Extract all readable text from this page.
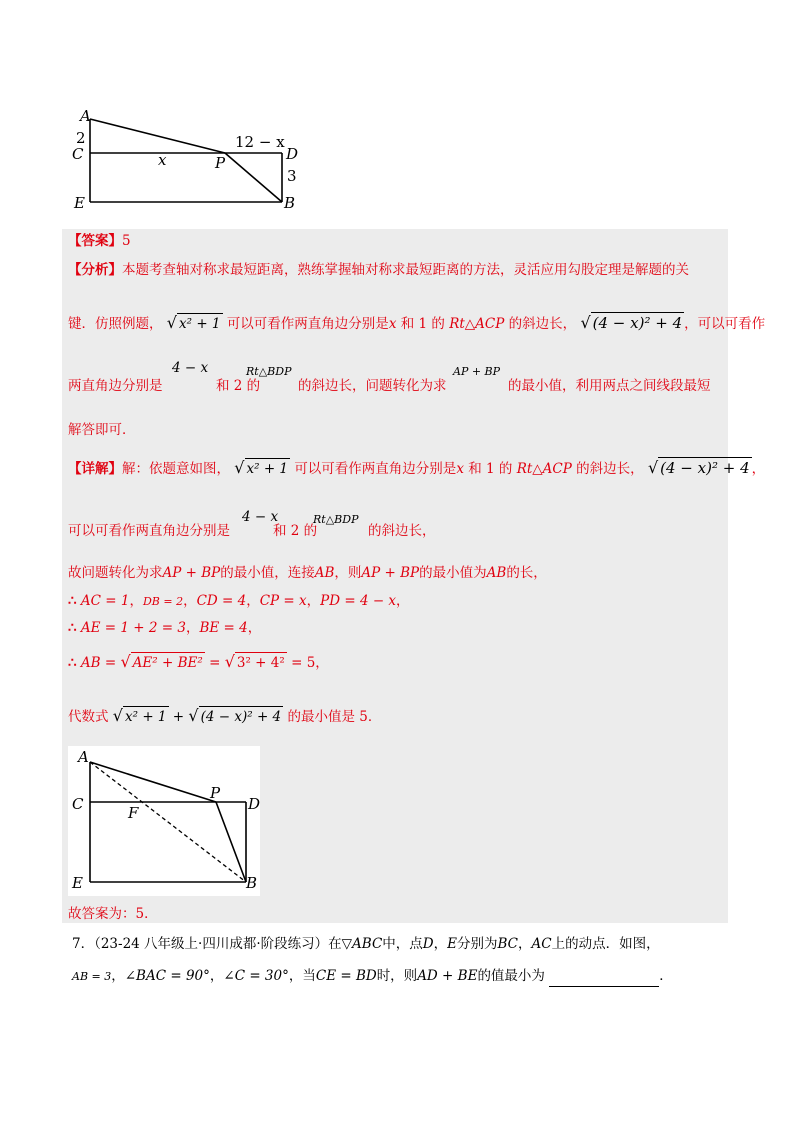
A
2
C	x	P
12 − x
D
3
E	B
【答案】5
【分析】本题考查轴对称求最短距离，熟练掌握轴对称求最短距离的方法，灵活应用勾股定理是解题的关
键．仿照例题， √ x² + 1 可以可看作两直角边分别是x 和 1 的 Rt△ACP 的斜边长， √ (4 − x)² + 4 ，可以可看作
两直角边分别是
4 − x
和 2 的
Rt△BDP
的斜边长，问题转化为求
AP + BP
的最小值，利用两点之间线段最短
解答即可．
【详解】解：依题意如图， √ x² + 1 可以可看作两直角边分别是x 和 1 的 Rt△ACP 的斜边长， √ (4 − x)² + 4 ，
可以可看作两直角边分别是
4 − x
和 2 的
Rt△BDP
的斜边长，
故问题转化为求AP + BP的最小值，连接AB，则AP + BP的最小值为AB的长，
∴ AC = 1，DB = 2，CD = 4，CP = x，PD = 4 − x，
∴ AE = 1 + 2 = 3，BE = 4，
∴ AB = √ AE² + BE² = √ 3² + 4² = 5，
代数式 √ x² + 1 + √ (4 − x)² + 4 的最小值是 5．
A
C	F
P
D
E	B
故答案为：5．
7．（23-24 八年级上·四川成都·阶段练习）在▽ABC中，点D，E分别为BC，AC上的动点．如图，
AB = 3，∠BAC = 90°，∠C = 30°，当CE = BD时，则AD + BE的值最小为	．
